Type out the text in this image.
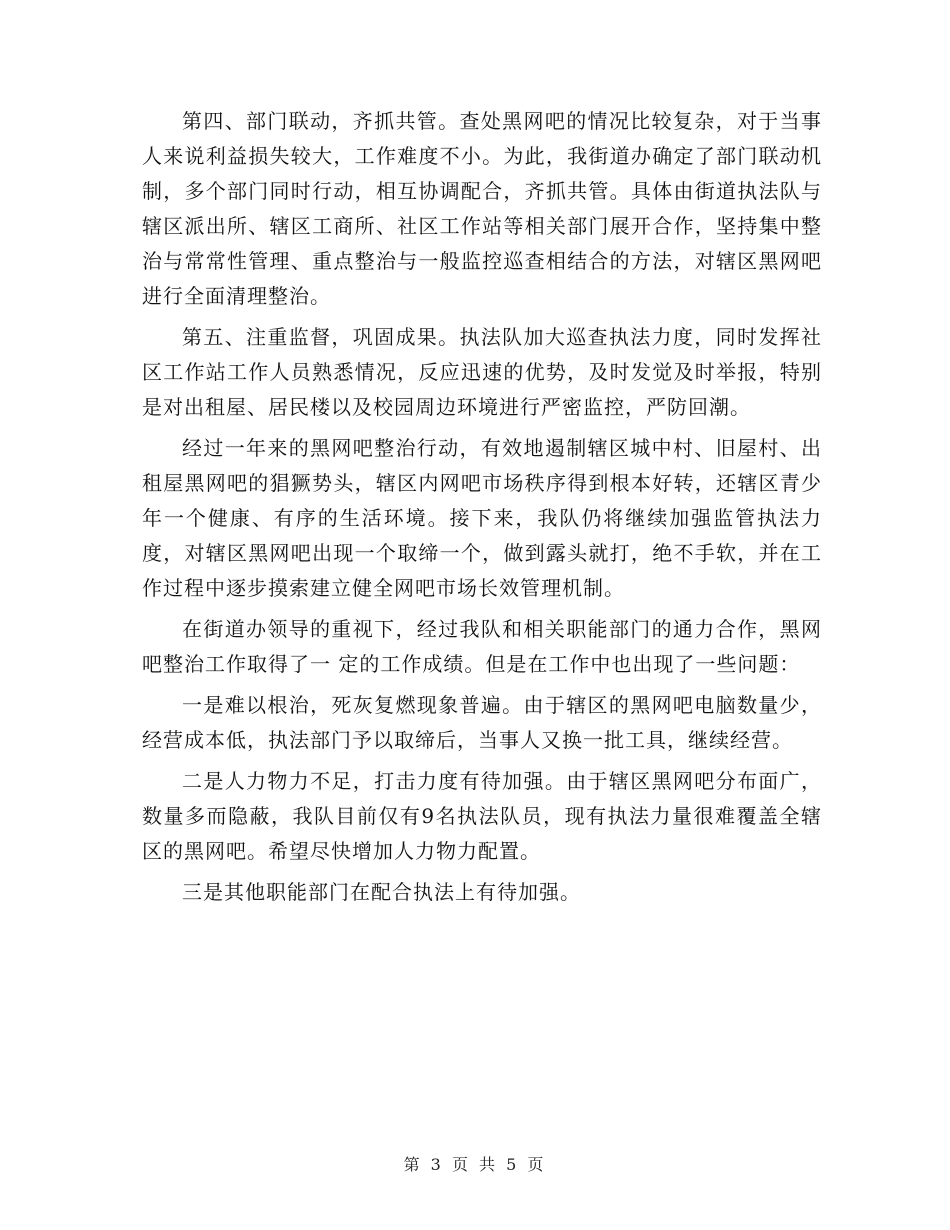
第四、部门联动，齐抓共管。查处黑网吧的情况比较复杂，对于当事人来说利益损失较大，工作难度不小。为此，我街道办确定了部门联动机制，多个部门同时行动，相互协调配合，齐抓共管。具体由街道执法队与辖区派出所、辖区工商所、社区工作站等相关部门展开合作，坚持集中整治与常常性管理、重点整治与一般监控巡查相结合的方法，对辖区黑网吧进行全面清理整治。

第五、注重监督，巩固成果。执法队加大巡查执法力度，同时发挥社区工作站工作人员熟悉情况，反应迅速的优势，及时发觉及时举报，特别是对出租屋、居民楼以及校园周边环境进行严密监控，严防回潮。

经过一年来的黑网吧整治行动，有效地遏制辖区城中村、旧屋村、出租屋黑网吧的猖獗势头，辖区内网吧市场秩序得到根本好转，还辖区青少年一个健康、有序的生活环境。接下来，我队仍将继续加强监管执法力度，对辖区黑网吧出现一个取缔一个，做到露头就打，绝不手软，并在工作过程中逐步摸索建立健全网吧市场长效管理机制。

在街道办领导的重视下，经过我队和相关职能部门的通力合作，黑网吧整治工作取得了一 定的工作成绩。但是在工作中也出现了一些问题：

一是难以根治，死灰复燃现象普遍。由于辖区的黑网吧电脑数量少，经营成本低，执法部门予以取缔后，当事人又换一批工具，继续经营。

二是人力物力不足，打击力度有待加强。由于辖区黑网吧分布面广，数量多而隐蔽，我队目前仅有9名执法队员，现有执法力量很难覆盖全辖区的黑网吧。希望尽快增加人力物力配置。

三是其他职能部门在配合执法上有待加强。

第 3 页 共 5 页
